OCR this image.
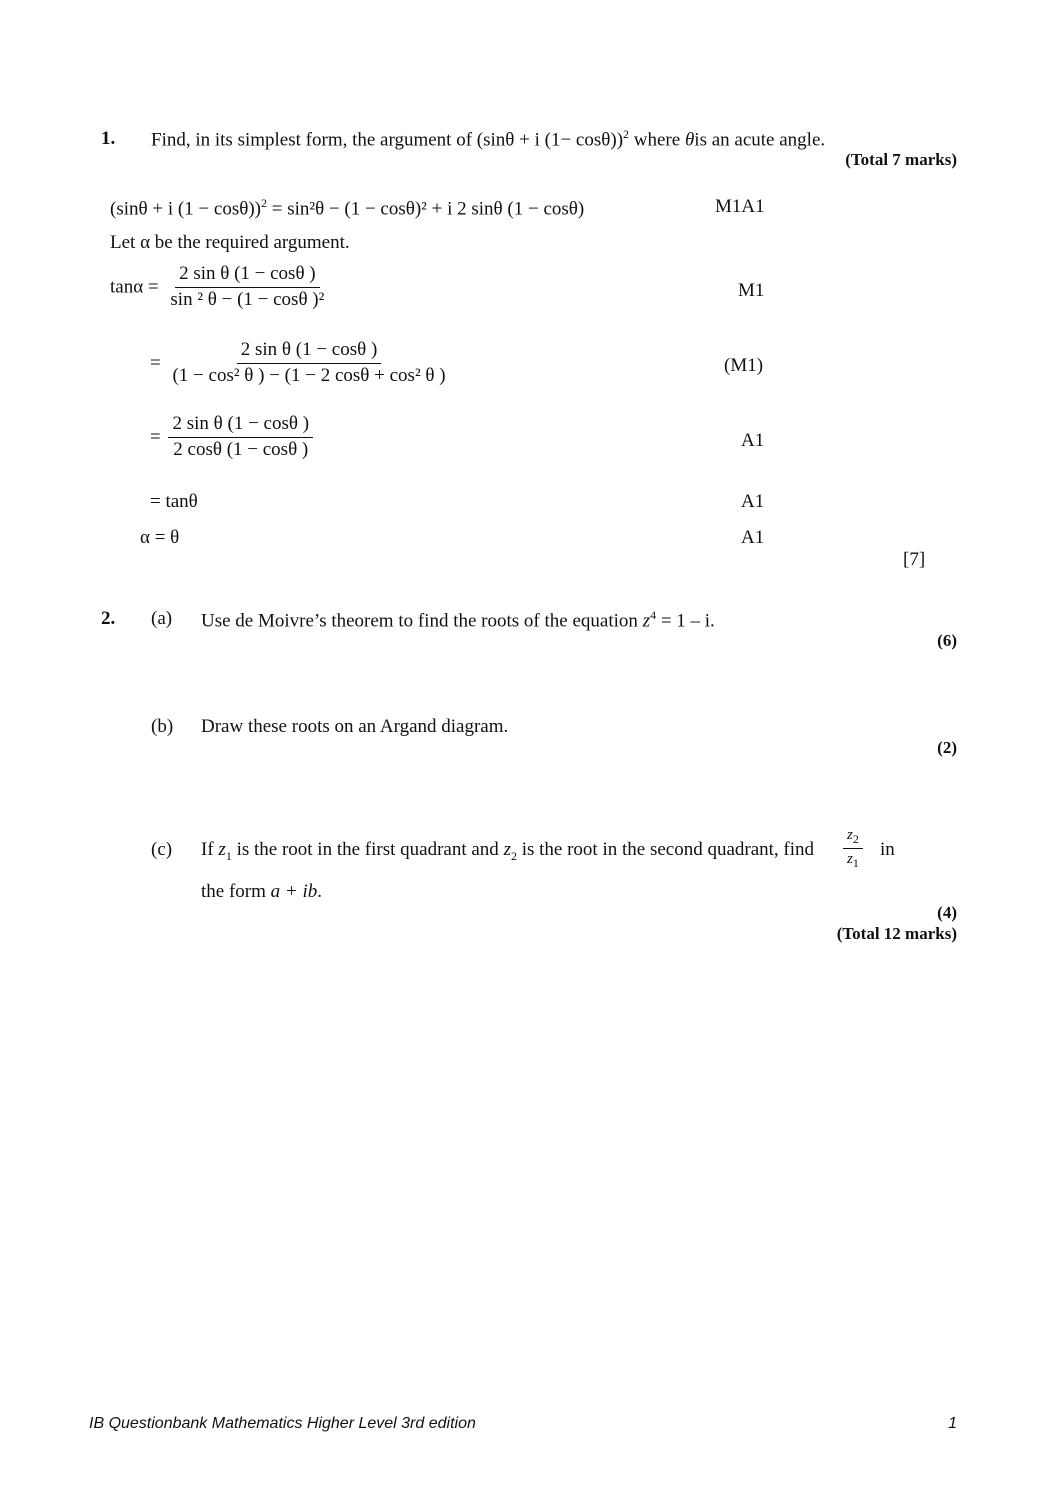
1. Find, in its simplest form, the argument of (sinθ + i (1− cosθ))$^2$ where θis an acute angle.
(Total 7 marks)
(sinθ + i (1 − cosθ))$^2$ = sin²θ − (1 − cosθ)² + i 2 sinθ (1 − cosθ)	M1A1
Let α be the required argument.
$\tan\alpha = \frac{\text{2 sin θ (1 − cosθ )}}{\text{sin ² θ − (1 − cosθ )²}}$	M1
= $\frac{\text{2 sin θ (1 − cosθ )}}{\text{(1 − cos² θ ) − (1 − 2 cosθ + cos² θ )}}$	(M1)
= $\frac{\text{2 sin θ (1 − cosθ )}}{2 \cos\theta (1 - \cos\theta )}$	A1
= tanθ	A1
α = θ	A1
[7]
2. (a) Use de Moivre’s theorem to find the roots of the equation $z^4 = 1 - i$.
(6)
(b) Draw these roots on an Argand diagram.
(2)
(c) If $z_1$ is the root in the first quadrant and $z_2$ is the root in the second quadrant, find $\frac{z_2}{z_1}$ in
the form a + ib.
(4)
(Total 12 marks)
IB Questionbank Mathematics Higher Level 3rd edition	1
